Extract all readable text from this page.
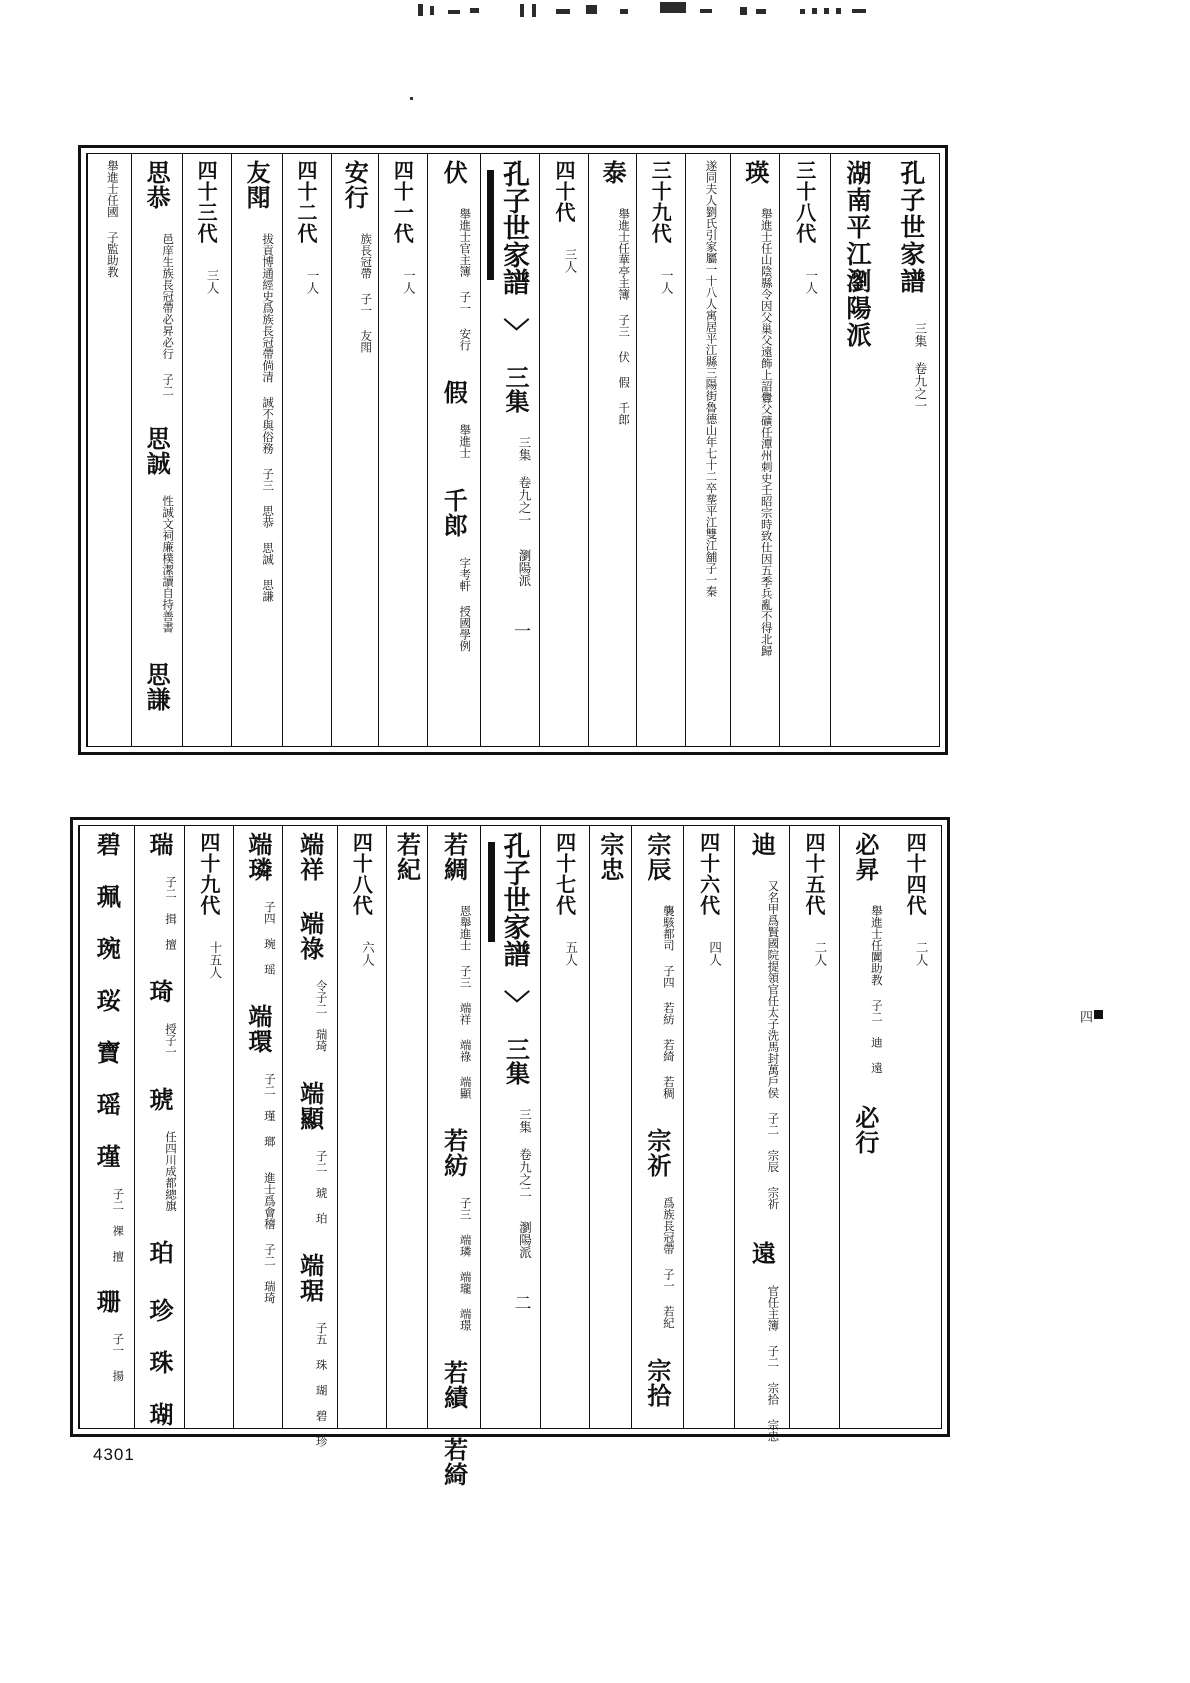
孔子世家譜 三集 卷九之一
湖南平江瀏陽派
三十八代 一人
瑛 舉進士任山陰縣令因父巢父遠飾上詔釁父礦任潭州刺史壬昭宗時致仕因五季兵亂不得北歸
遂同夫人劉氏引家屬一十八人寓居平江縣三陽街魯德山年七十二卒塟平江雙江舖子一秦
三十九代 一人
泰 舉進士任華亭主簿 子三 伏 假 千郎
四十代 三人
孔子世家譜 〉 三集 三集 卷九之一 瀏陽派 一
伏 舉進士官主簿 子一 安行 假 舉進士 千郎 字考軒 授國學例
四十一代 一人
安行 族長冠帶 子一 友閗
四十二代 一人
友閗 拔貢博通經史爲族長冠帶倘清 誠不與俗務 子三 思恭 思誠 思謙
四十三代 三人
思恭 邑庠生族長冠帶必昇必行 子二 思誠 性誠文祠廉樸潔讀自持善書 思謙
舉進士任國 子監助教
四十四代 二人
必昇 舉進士任闐助教 子二 迪 遠 必行
四十五代 二人
迪 又名甲爲賢國院提領官任太子洗馬封萬戶侯 子二 宗辰 宗祈 遠 官任主簿 子二 宗拾 宗忠
四十六代 四人
宗辰 襲駭都司 子四 若紡 若綺 若稠 宗祈 爲族長冠帶 子一 若紀 宗拾
宗忠
四十七代 五人
孔子世家譜 〉 三集 三集 卷九之二 瀏陽派 二
若綢 恩舉進士 子三 端祥 端祿 端顯 若紡 子三 端璘 端瓏 端璟 若績 若綺
若紀
四十八代 六人
端祥 端祿 令子二 瑞琦 端顯 子二 琥 珀 端琚 子五 珠 瑚 碧 珍
端璘 子四 琬 瑶 端環 子二 瑾 瑯 進士爲會稽 子二 瑞琦
四十九代 十五人
瑞 子二 揖 擅 琦 授子一 琥 任四川成都總旗 珀 珍 珠 瑚
碧 珮 琬 珱 寶 瑶 瑾 子二 祼 擅 珊 子一 揚
4301
四
